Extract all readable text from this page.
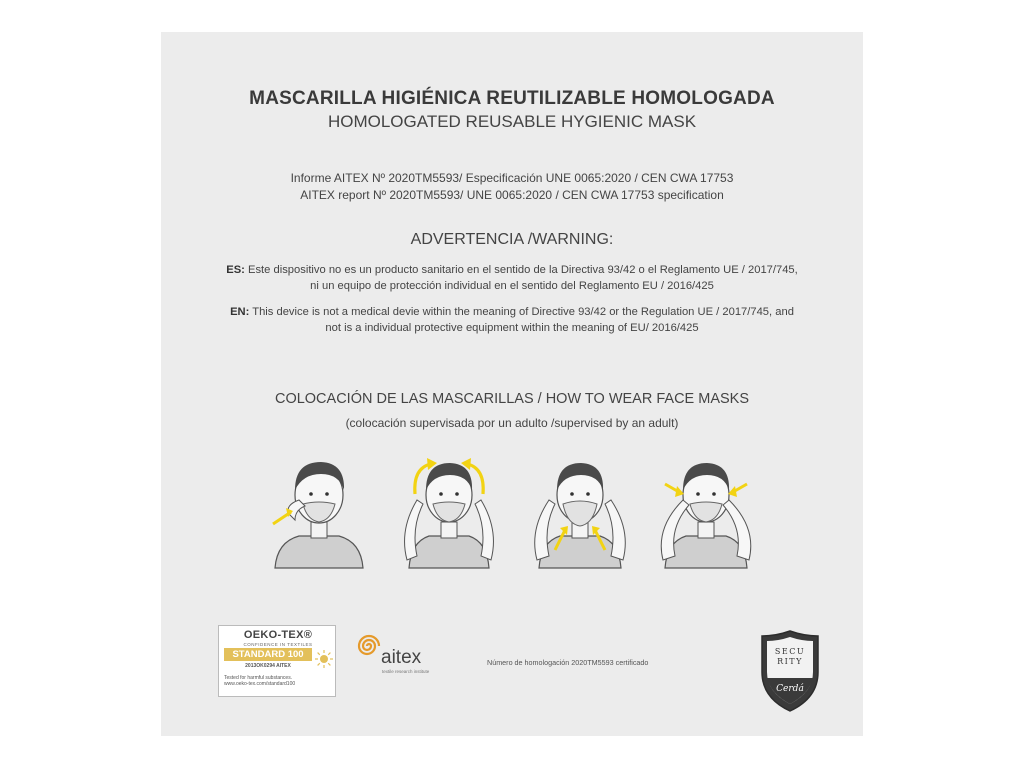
MASCARILLA HIGIÉNICA REUTILIZABLE HOMOLOGADA
HOMOLOGATED REUSABLE HYGIENIC MASK
Informe AITEX Nº 2020TM5593/ Especificación UNE 0065:2020 / CEN CWA 17753
AITEX report Nº 2020TM5593/ UNE 0065:2020 / CEN CWA 17753 specification
ADVERTENCIA /WARNING:
ES: Este dispositivo no es un producto sanitario en el sentido de la Directiva 93/42 o el Reglamento UE / 2017/745,
ni un equipo de protección individual en el sentido del Reglamento EU / 2016/425
EN: This device is not a medical devie within the meaning of Directive 93/42 or the Regulation UE / 2017/745, and
not is a individual protective equipment within the meaning of EU/ 2016/425
COLOCACIÓN DE LAS MASCARILLAS / HOW TO WEAR FACE MASKS
(colocación supervisada por un adulto /supervised by an adult)
OEKO-TEX®
CONFIDENCE IN TEXTILES
STANDARD 100
2013OK0294 AITEX
Tested for harmful substances.
www.oeko-tex.com/standard100
aitex
textile research institute
Número de homologación 2020TM5593 certificado
SECU
RITY
Cerdá
